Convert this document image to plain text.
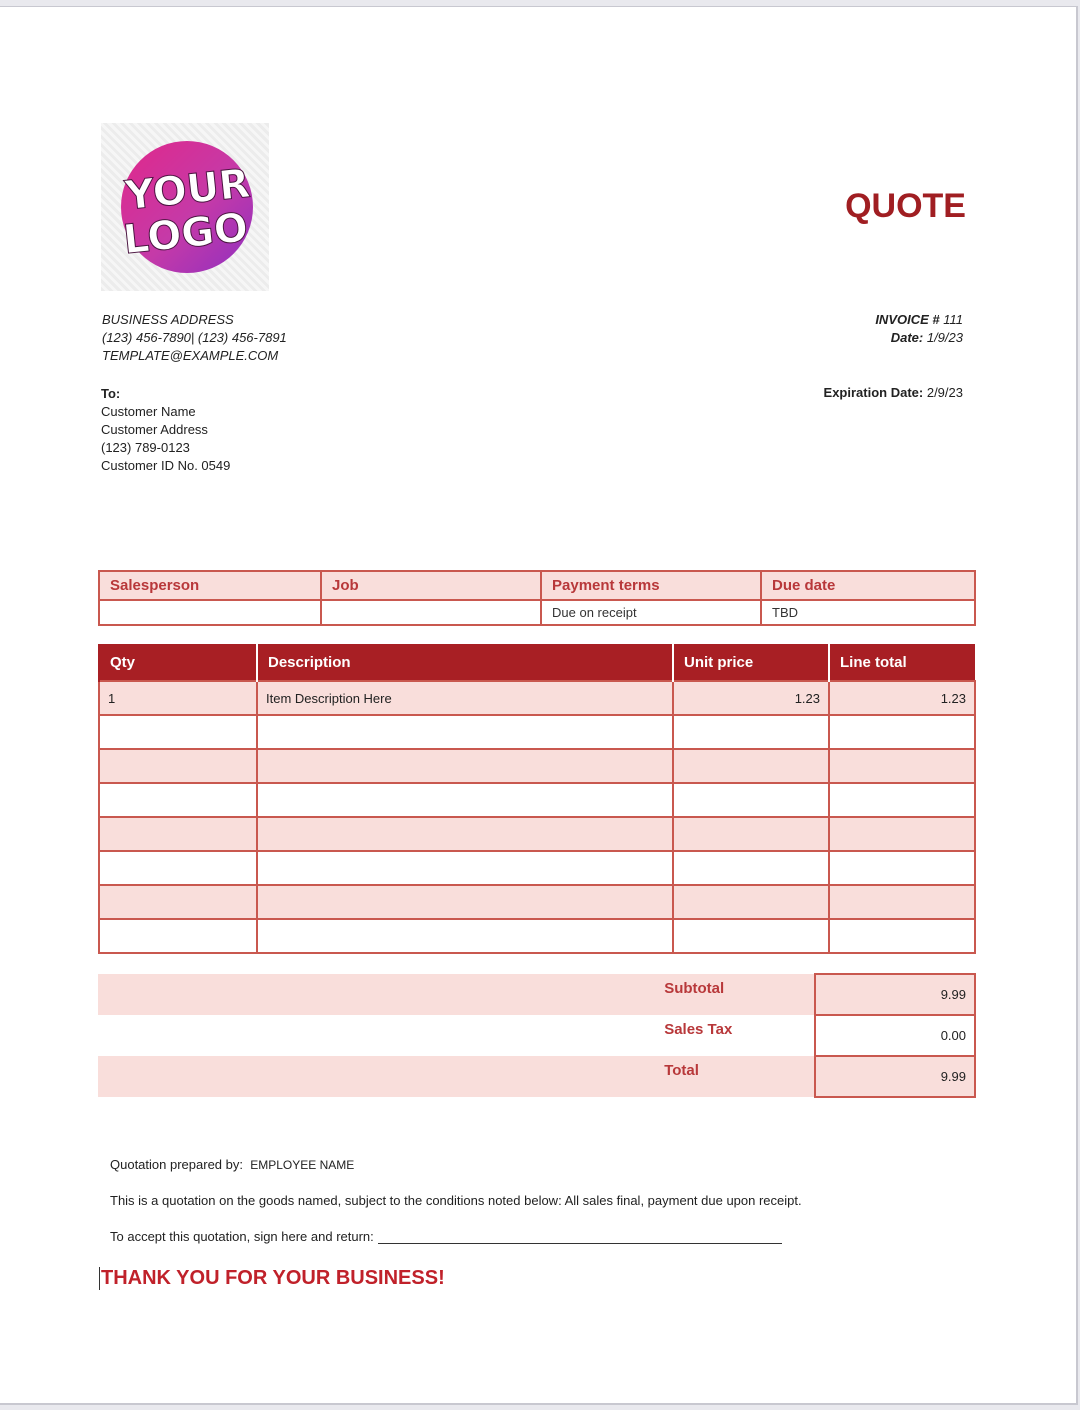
YOUR
LOGO	QUOTE
BUSINESS ADDRESS
(123) 456-7890| (123) 456-7891
TEMPLATE@EXAMPLE.COM
INVOICE # 111
Date: 1/9/23
Expiration Date: 2/9/23
To:
Customer Name
Customer Address
(123) 789-0123
Customer ID No. 0549
Salesperson	Job	Payment terms	Due date
		Due on receipt	TBD
Qty	Description	Unit price	Line total
1	Item Description Here	1.23	1.23

	Subtotal	9.99
	Sales Tax	0.00
	Total	9.99
Quotation prepared by: EMPLOYEE NAME
This is a quotation on the goods named, subject to the conditions noted below: All sales final, payment due upon receipt.
To accept this quotation, sign here and return:
THANK YOU FOR YOUR BUSINESS!
